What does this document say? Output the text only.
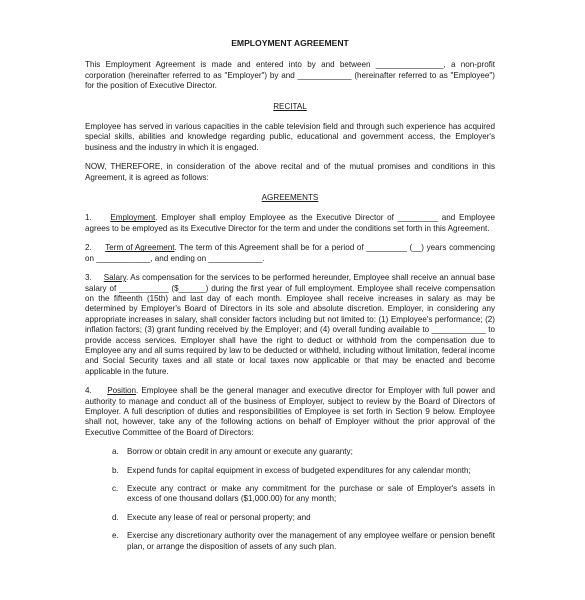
EMPLOYMENT AGREEMENT

This Employment Agreement is made and entered into by and between _______________, a non-profit corporation (hereinafter referred to as "Employer") by and ____________ (hereinafter referred to as "Employee") for the position of Executive Director.

RECITAL

Employee has served in various capacities in the cable television field and through such experience has acquired special skills, abilities and knowledge regarding public, educational and government access, the Employer's business and the industry in which it is engaged.

NOW, THEREFORE, in consideration of the above recital and of the mutual promises and conditions in this Agreement, it is agreed as follows:

AGREEMENTS

1. Employment. Employer shall employ Employee as the Executive Director of _________ and Employee agrees to be employed as its Executive Director for the term and under the conditions set forth in this Agreement.

2. Term of Agreement. The term of this Agreement shall be for a period of _________ (__) years commencing on ____________, and ending on ____________.

3. Salary. As compensation for the services to be performed hereunder, Employee shall receive an annual base salary of ___________ ($______) during the first year of full employment. Employee shall receive compensation on the fifteenth (15th) and last day of each month. Employee shall receive increases in salary as may be determined by Employer's Board of Directors in its sole and absolute discretion. Employer, in considering any appropriate increases in salary, shall consider factors including but not limited to: (1) Employee's performance; (2) inflation factors; (3) grant funding received by the Employer; and (4) overall funding available to ____________ to provide access services. Employer shall have the right to deduct or withhold from the compensation due to Employee any and all sums required by law to be deducted or withheld, including without limitation, federal income and Social Security taxes and all state or local taxes now applicable or that may be enacted and become applicable in the future.

4. Position. Employee shall be the general manager and executive director for Employer with full power and authority to manage and conduct all of the business of Employer, subject to review by the Board of Directors of Employer. A full description of duties and responsibilities of Employee is set forth in Section 9 below. Employee shall not, however, take any of the following actions on behalf of Employer without the prior approval of the Executive Committee of the Board of Directors:

a. Borrow or obtain credit in any amount or execute any guaranty;
b. Expend funds for capital equipment in excess of budgeted expenditures for any calendar month;
c. Execute any contract or make any commitment for the purchase or sale of Employer's assets in excess of one thousand dollars ($1,000.00) for any month;
d. Execute any lease of real or personal property; and
e. Exercise any discretionary authority over the management of any employee welfare or pension benefit plan, or arrange the disposition of assets of any such plan.
